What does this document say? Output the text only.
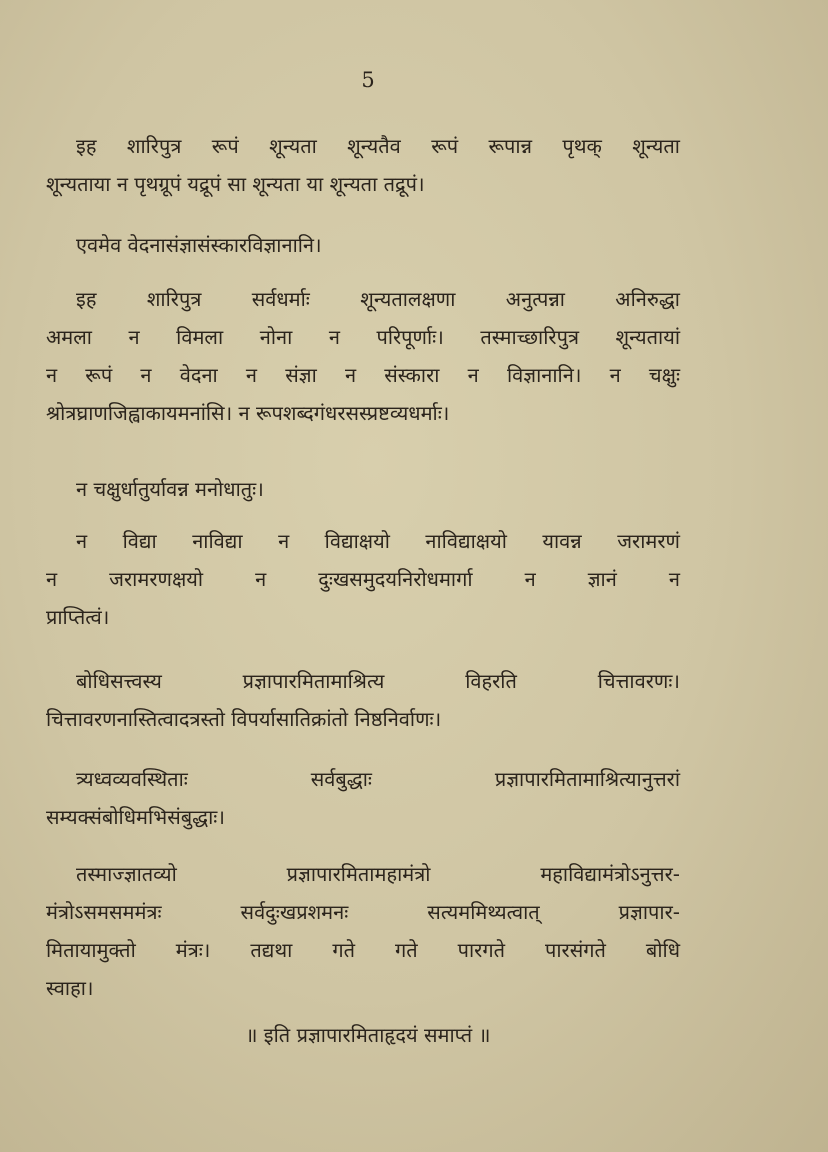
5
इह शारिपुत्र रूपं शून्यता शून्यतैव रूपं रूपान्न पृथक् शून्यता
शून्यताया न पृथग्रूपं यद्रूपं सा शून्यता या शून्यता तद्रूपं।
एवमेव वेदनासंज्ञासंस्कारविज्ञानानि।
इह शारिपुत्र सर्वधर्माः शून्यतालक्षणा अनुत्पन्ना अनिरुद्धा
अमला न विमला नोना न परिपूर्णाः। तस्माच्छारिपुत्र शून्यतायां
न रूपं न वेदना न संज्ञा न संस्कारा न विज्ञानानि। न चक्षुः
श्रोत्रघ्राणजिह्वाकायमनांसि। न रूपशब्दगंधरसस्प्रष्टव्यधर्माः।
न चक्षुर्धातुर्यावन्न मनोधातुः।
न विद्या नाविद्या न विद्याक्षयो नाविद्याक्षयो यावन्न जरामरणं
न जरामरणक्षयो न दुःखसमुदयनिरोधमार्गा न ज्ञानं न
प्राप्तित्वं।
बोधिसत्त्वस्य प्रज्ञापारमितामाश्रित्य विहरति चित्तावरणः।
चित्तावरणनास्तित्वादत्रस्तो विपर्यासातिक्रांतो निष्ठनिर्वाणः।
त्र्यध्वव्यवस्थिताः सर्वबुद्धाः प्रज्ञापारमितामाश्रित्यानुत्तरां
सम्यक्संबोधिमभिसंबुद्धाः।
तस्माज्ज्ञातव्यो प्रज्ञापारमितामहामंत्रो महाविद्यामंत्रोऽनुत्तर-
मंत्रोऽसमसममंत्रः सर्वदुःखप्रशमनः सत्यममिथ्यत्वात् प्रज्ञापार-
मितायामुक्तो मंत्रः। तद्यथा गते गते पारगते पारसंगते बोधि
स्वाहा।
॥ इति प्रज्ञापारमिताहृदयं समाप्तं ॥
